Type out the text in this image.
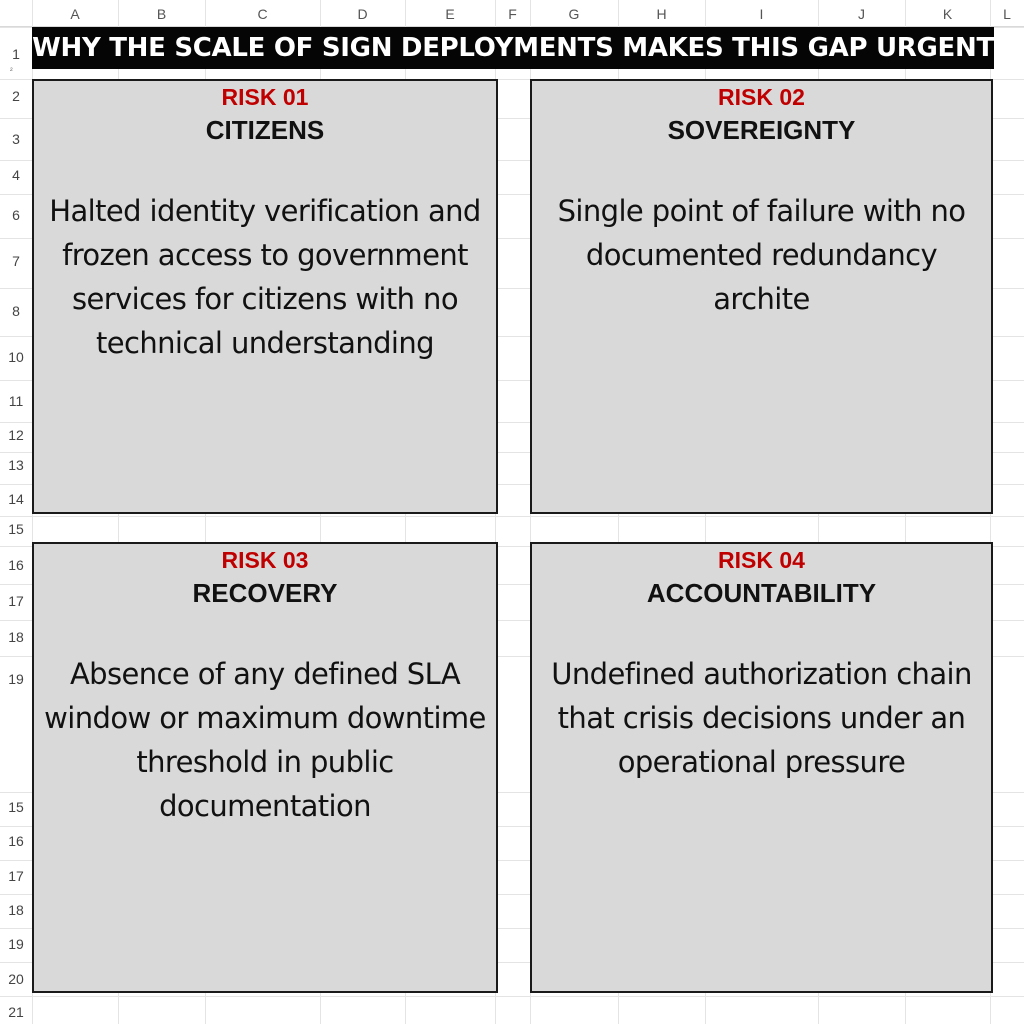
A	B	C	D	E	F	G	H	I	J	K	L
1
2
3
4
6
7
8
10
11
12
13
14
15
16
17
18
19
15
16
17
18
19
20
21
²
WHY THE SCALE OF SIGN DEPLOYMENTS MAKES THIS GAP URGENT
RISK 01
CITIZENS
Halted identity verification and frozen access to government services for citizens with no technical understanding
RISK 02
SOVEREIGNTY
Single point of failure with no documented redundancy archite
RISK 03
RECOVERY
Absence of any defined SLA window or maximum downtime threshold in public documentation
RISK 04
ACCOUNTABILITY
Undefined authorization chain that crisis decisions under an operational pressure
